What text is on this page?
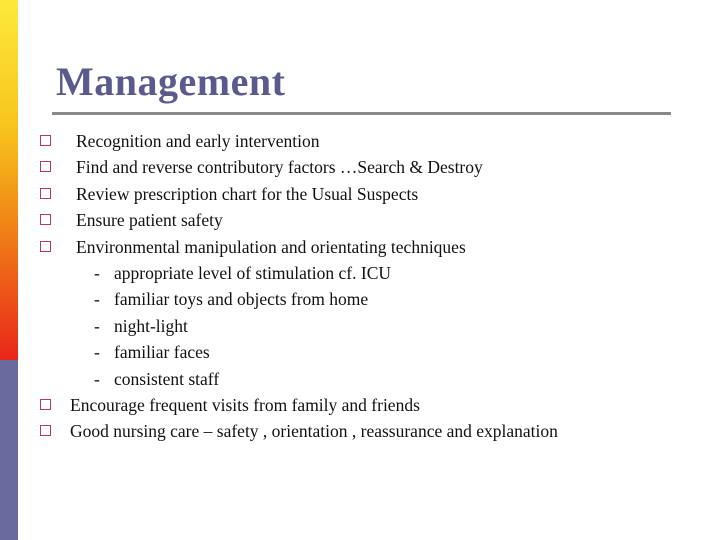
Management
Recognition and early intervention
Find and reverse contributory factors …Search & Destroy
Review prescription chart for the Usual Suspects
Ensure patient safety
Environmental manipulation and orientating techniques
- appropriate level of stimulation cf. ICU
- familiar toys and objects from home
- night-light
- familiar faces
- consistent staff
Encourage frequent visits from family and friends
Good nursing care – safety , orientation , reassurance and explanation
